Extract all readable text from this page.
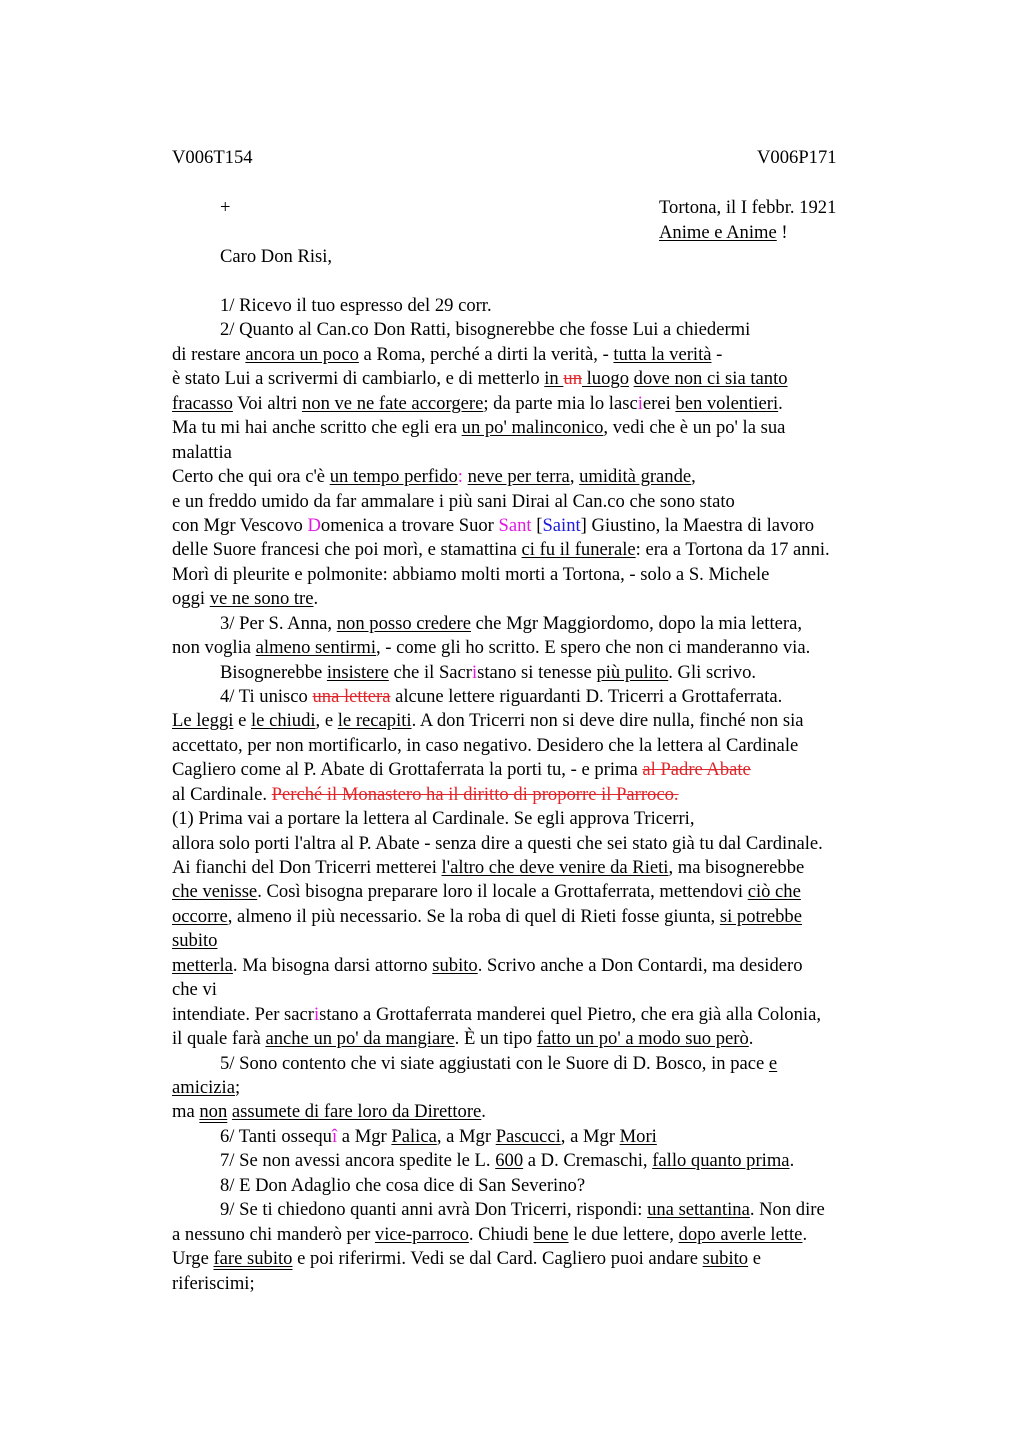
V006T154	V006P171
+	Tortona, il I febbr. 1921
Anime e Anime !
Caro Don Risi,
1/ Ricevo il tuo espresso del 29 corr.
2/ Quanto al Can.co Don Ratti, bisognerebbe che fosse Lui a chiedermi
di restare ancora un poco a Roma, perché a dirti la verità, - tutta la verità -
è stato Lui a scrivermi di cambiarlo, e di metterlo in un luogo dove non ci sia tanto
fracasso Voi altri non ve ne fate accorgere; da parte mia lo lascierei ben volentieri.
Ma tu mi hai anche scritto che egli era un po' malinconico, vedi che è un po' la sua
malattia
Certo che qui ora c'è un tempo perfido: neve per terra, umidità grande,
e un freddo umido da far ammalare i più sani Dirai al Can.co che sono stato
con Mgr Vescovo Domenica a trovare Suor Sant [Saint] Giustino, la Maestra di lavoro
delle Suore francesi che poi morì, e stamattina ci fu il funerale: era a Tortona da 17 anni.
Morì di pleurite e polmonite: abbiamo molti morti a Tortona, - solo a S. Michele
oggi ve ne sono tre.
3/ Per S. Anna, non posso credere che Mgr Maggiordomo, dopo la mia lettera,
non voglia almeno sentirmi, - come gli ho scritto. E spero che non ci manderanno via.
Bisognerebbe insistere che il Sacristano si tenesse più pulito. Gli scrivo.
4/ Ti unisco una lettera alcune lettere riguardanti D. Tricerri a Grottaferrata.
Le leggi e le chiudi, e le recapiti. A don Tricerri non si deve dire nulla, finché non sia
accettato, per non mortificarlo, in caso negativo. Desidero che la lettera al Cardinale
Cagliero come al P. Abate di Grottaferrata la porti tu, - e prima al Padre Abate
al Cardinale. Perché il Monastero ha il diritto di proporre il Parroco.
(1) Prima vai a portare la lettera al Cardinale. Se egli approva Tricerri,
allora solo porti l'altra al P. Abate - senza dire a questi che sei stato già tu dal Cardinale.
Ai fianchi del Don Tricerri metterei l'altro che deve venire da Rieti, ma bisognerebbe
che venisse. Così bisogna preparare loro il locale a Grottaferrata, mettendovi ciò che
occorre, almeno il più necessario. Se la roba di quel di Rieti fosse giunta, si potrebbe
subito
metterla. Ma bisogna darsi attorno subito. Scrivo anche a Don Contardi, ma desidero
che vi
intendiate. Per sacristano a Grottaferrata manderei quel Pietro, che era già alla Colonia,
il quale farà anche un po' da mangiare. È un tipo fatto un po' a modo suo però.
5/ Sono contento che vi siate aggiustati con le Suore di D. Bosco, in pace e
amicizia;
ma non assumete di fare loro da Direttore.
6/ Tanti ossequî a Mgr Palica, a Mgr Pascucci, a Mgr Mori
7/ Se non avessi ancora spedite le L. 600 a D. Cremaschi, fallo quanto prima.
8/ E Don Adaglio che cosa dice di San Severino?
9/ Se ti chiedono quanti anni avrà Don Tricerri, rispondi: una settantina. Non dire
a nessuno chi manderò per vice-parroco. Chiudi bene le due lettere, dopo averle lette.
Urge fare subito e poi riferirmi. Vedi se dal Card. Cagliero puoi andare subito e
riferiscimi;
